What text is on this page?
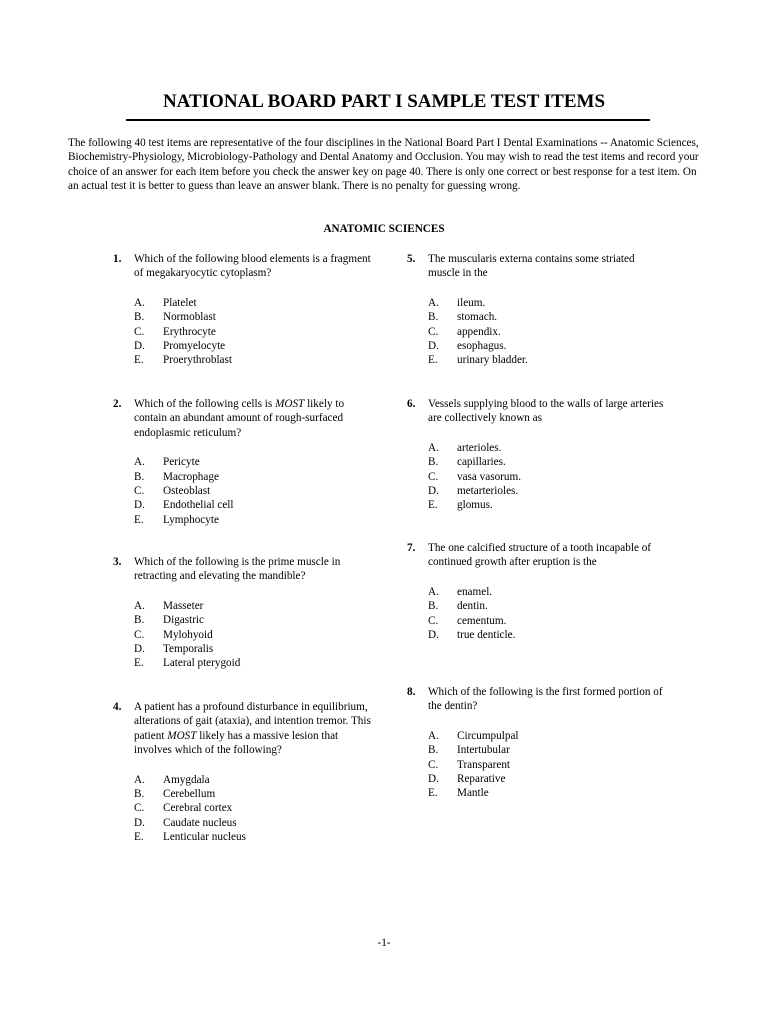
NATIONAL BOARD PART I SAMPLE TEST ITEMS

The following 40 test items are representative of the four disciplines in the National Board Part I Dental Examinations -- Anatomic Sciences, Biochemistry-Physiology, Microbiology-Pathology and Dental Anatomy and Occlusion. You may wish to read the test items and record your choice of an answer for each item before you check the answer key on page 40. There is only one correct or best response for a test item. On an actual test it is better to guess than leave an answer blank. There is no penalty for guessing wrong.

ANATOMIC SCIENCES
1.	Which of the following blood elements is a fragment of megakaryocytic cytoplasm?
A.	Platelet
B.	Normoblast
C.	Erythrocyte
D.	Promyelocyte
E.	Proerythroblast
2.	Which of the following cells is MOST likely to contain an abundant amount of rough-surfaced endoplasmic reticulum?
A.	Pericyte
B.	Macrophage
C.	Osteoblast
D.	Endothelial cell
E.	Lymphocyte
3.	Which of the following is the prime muscle in retracting and elevating the mandible?
A.	Masseter
B.	Digastric
C.	Mylohyoid
D.	Temporalis
E.	Lateral pterygoid
4.	A patient has a profound disturbance in equilibrium, alterations of gait (ataxia), and intention tremor. This patient MOST likely has a massive lesion that involves which of the following?
A.	Amygdala
B.	Cerebellum
C.	Cerebral cortex
D.	Caudate nucleus
E.	Lenticular nucleus
5.	The muscularis externa contains some striated muscle in the
A.	ileum.
B.	stomach.
C.	appendix.
D.	esophagus.
E.	urinary bladder.
6.	Vessels supplying blood to the walls of large arteries are collectively known as
A.	arterioles.
B.	capillaries.
C.	vasa vasorum.
D.	metarterioles.
E.	glomus.
7.	The one calcified structure of a tooth incapable of continued growth after eruption is the
A.	enamel.
B.	dentin.
C.	cementum.
D.	true denticle.
8.	Which of the following is the first formed portion of the dentin?
A.	Circumpulpal
B.	Intertubular
C.	Transparent
D.	Reparative
E.	Mantle
-1-
